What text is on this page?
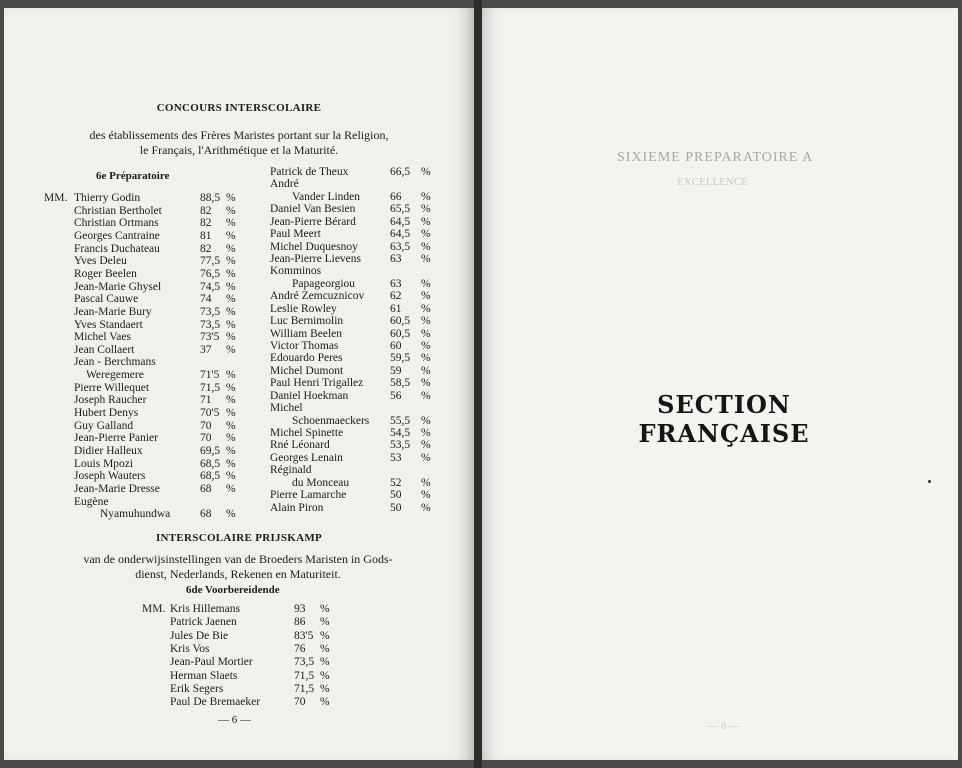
CONCOURS INTERSCOLAIRE
des établissements des Frères Maristes portant sur la Religion,
le Français, l'Arithmétique et la Maturité.
6e Préparatoire
MM. Thierry Godin	88,5 %
Christian Bertholet	82 %
Christian Ortmans	82 %
Georges Cantraine	81 %
Francis Duchateau	82 %
Yves Deleu	77,5 %
Roger Beelen	76,5 %
Jean-Marie Ghysel	74,5 %
Pascal Cauwe	74 %
Jean-Marie Bury	73,5 %
Yves Standaert	73,5 %
Michel Vaes	73'5 %
Jean Collaert	37 %
Jean - Berchmans
Weregemere	71'5 %
Pierre Willequet	71,5 %
Joseph Raucher	71 %
Hubert Denys	70'5 %
Guy Galland	70 %
Jean-Pierre Panier	70 %
Didier Halleux	69,5 %
Louis Mpozi	68,5 %
Joseph Wauters	68,5 %
Jean-Marie Dresse	68 %
Eugène
Nyamuhundwa	68 %
Patrick de Theux	66,5 %
André
Vander Linden	66 %
Daniel Van Besien	65,5 %
Jean-Pierre Bérard	64,5 %
Paul Meert	64,5 %
Michel Duquesnoy	63,5 %
Jean-Pierre Lievens	63 %
Komminos
Papageorgiou	63 %
André Zemcuznicov 62 %
Leslie Rowley	61 %
Luc Bernimolin	60,5 %
William Beelen	60,5 %
Victor Thomas	60 %
Edouardo Peres	59,5 %
Michel Dumont	59 %
Paul Henri Trigallez 58,5 %
Daniel Hoekman	56 %
Michel
Schoenmaeckers 55,5 %
Michel Spinette	54,5 %
Rné Léonard	53,5 %
Georges Lenain	53 %
Réginald
du Monceau	52 %
Pierre Lamarche	50 %
Alain Piron	50 %
INTERSCOLAIRE PRIJSKAMP
van de onderwijsinstellingen van de Broeders Maristen in Gods-
dienst, Nederlands, Rekenen en Maturiteit.
6de Voorbereidende
MM. Kris Hillemans	93 %
Patrick Jaenen	86 %
Jules De Bie	83'5 %
Kris Vos	76 %
Jean-Paul Mortier	73,5 %
Herman Slaets	71,5 %
Erik Segers	71,5 %
Paul De Bremaeker	70 %
— 6 —
SIXIEME PREPARATOIRE A
EXCELLENCE
SECTION FRANÇAISE
— 8 —
